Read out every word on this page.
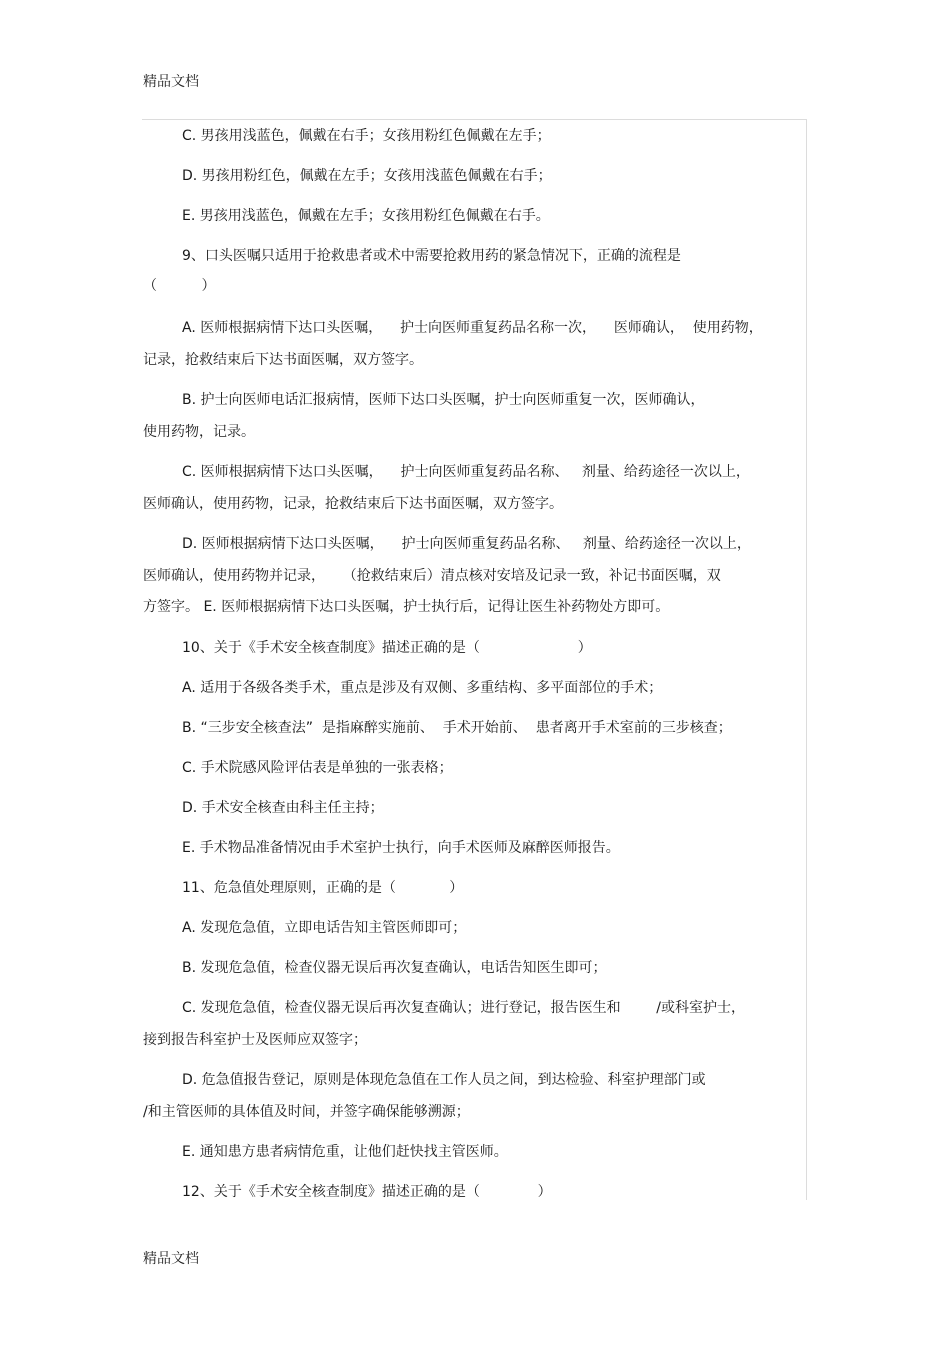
精品文档
C. 男孩用浅蓝色，佩戴在右手；女孩用粉红色佩戴在左手；
D. 男孩用粉红色，佩戴在左手；女孩用浅蓝色佩戴在右手；
E. 男孩用浅蓝色，佩戴在左手；女孩用粉红色佩戴在右手。
9、口头医嘱只适用于抢救患者或术中需要抢救用药的紧急情况下，正确的流程是
（          ）
A. 医师根据病情下达口头医嘱，    护士向医师重复药品名称一次，    医师确认，  使用药物，
记录，抢救结束后下达书面医嘱，双方签字。
B. 护士向医师电话汇报病情，医师下达口头医嘱，护士向医师重复一次，医师确认，
使用药物，记录。
C. 医师根据病情下达口头医嘱，    护士向医师重复药品名称、   剂量、给药途径一次以上，
医师确认，使用药物，记录，抢救结束后下达书面医嘱，双方签字。
D. 医师根据病情下达口头医嘱，    护士向医师重复药品名称、   剂量、给药途径一次以上，
医师确认，使用药物并记录，    （抢救结束后）清点核对安培及记录一致，补记书面医嘱，双
方签字。 E. 医师根据病情下达口头医嘱，护士执行后，记得让医生补药物处方即可。
10、关于《手术安全核查制度》描述正确的是（                      ）
A. 适用于各级各类手术，重点是涉及有双侧、多重结构、多平面部位的手术；
B. “三步安全核查法”  是指麻醉实施前、  手术开始前、  患者离开手术室前的三步核查；
C. 手术院感风险评估表是单独的一张表格；
D. 手术安全核查由科主任主持；
E. 手术物品准备情况由手术室护士执行，向手术医师及麻醉医师报告。
11、危急值处理原则，正确的是（            ）
A. 发现危急值，立即电话告知主管医师即可；
B. 发现危急值，检查仪器无误后再次复查确认，电话告知医生即可；
C. 发现危急值，检查仪器无误后再次复查确认；进行登记，报告医生和        /或科室护士，
接到报告科室护士及医师应双签字；
D. 危急值报告登记，原则是体现危急值在工作人员之间，到达检验、科室护理部门或
/和主管医师的具体值及时间，并签字确保能够溯源；
E. 通知患方患者病情危重，让他们赶快找主管医师。
12、关于《手术安全核查制度》描述正确的是（             ）
精品文档
